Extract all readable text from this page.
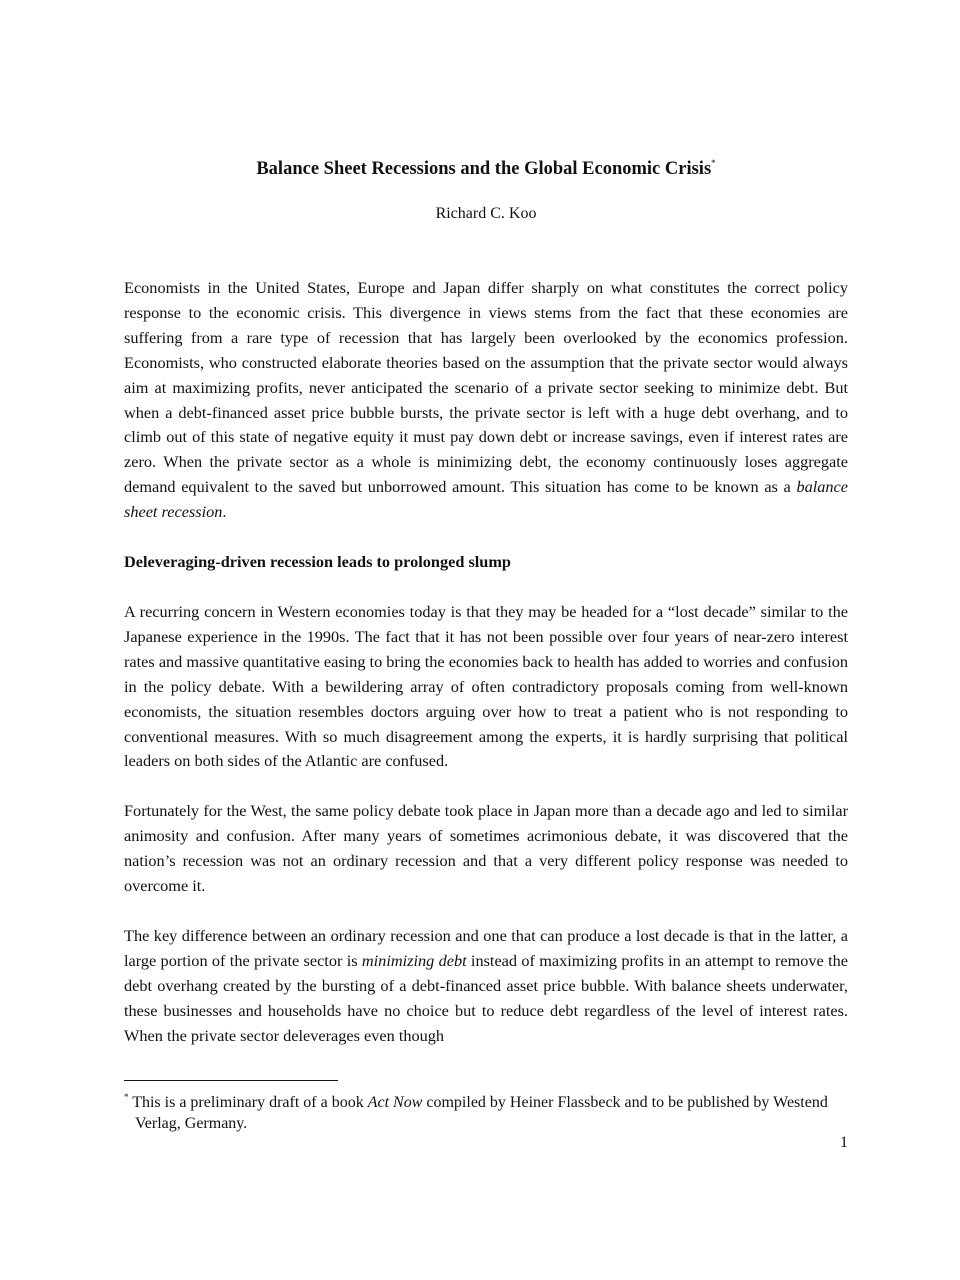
Balance Sheet Recessions and the Global Economic Crisis*
Richard C. Koo

Economists in the United States, Europe and Japan differ sharply on what constitutes the correct policy response to the economic crisis. This divergence in views stems from the fact that these economies are suffering from a rare type of recession that has largely been overlooked by the economics profession. Economists, who constructed elaborate theories based on the assumption that the private sector would always aim at maximizing profits, never anticipated the scenario of a private sector seeking to minimize debt. But when a debt-financed asset price bubble bursts, the private sector is left with a huge debt overhang, and to climb out of this state of negative equity it must pay down debt or increase savings, even if interest rates are zero. When the private sector as a whole is minimizing debt, the economy continuously loses aggregate demand equivalent to the saved but unborrowed amount. This situation has come to be known as a balance sheet recession.

Deleveraging-driven recession leads to prolonged slump

A recurring concern in Western economies today is that they may be headed for a “lost decade” similar to the Japanese experience in the 1990s. The fact that it has not been possible over four years of near-zero interest rates and massive quantitative easing to bring the economies back to health has added to worries and confusion in the policy debate. With a bewildering array of often contradictory proposals coming from well-known economists, the situation resembles doctors arguing over how to treat a patient who is not responding to conventional measures. With so much disagreement among the experts, it is hardly surprising that political leaders on both sides of the Atlantic are confused.

Fortunately for the West, the same policy debate took place in Japan more than a decade ago and led to similar animosity and confusion. After many years of sometimes acrimonious debate, it was discovered that the nation’s recession was not an ordinary recession and that a very different policy response was needed to overcome it.

The key difference between an ordinary recession and one that can produce a lost decade is that in the latter, a large portion of the private sector is minimizing debt instead of maximizing profits in an attempt to remove the debt overhang created by the bursting of a debt-financed asset price bubble. With balance sheets underwater, these businesses and households have no choice but to reduce debt regardless of the level of interest rates. When the private sector deleverages even though

* This is a preliminary draft of a book Act Now compiled by Heiner Flassbeck and to be published by Westend Verlag, Germany.
1
